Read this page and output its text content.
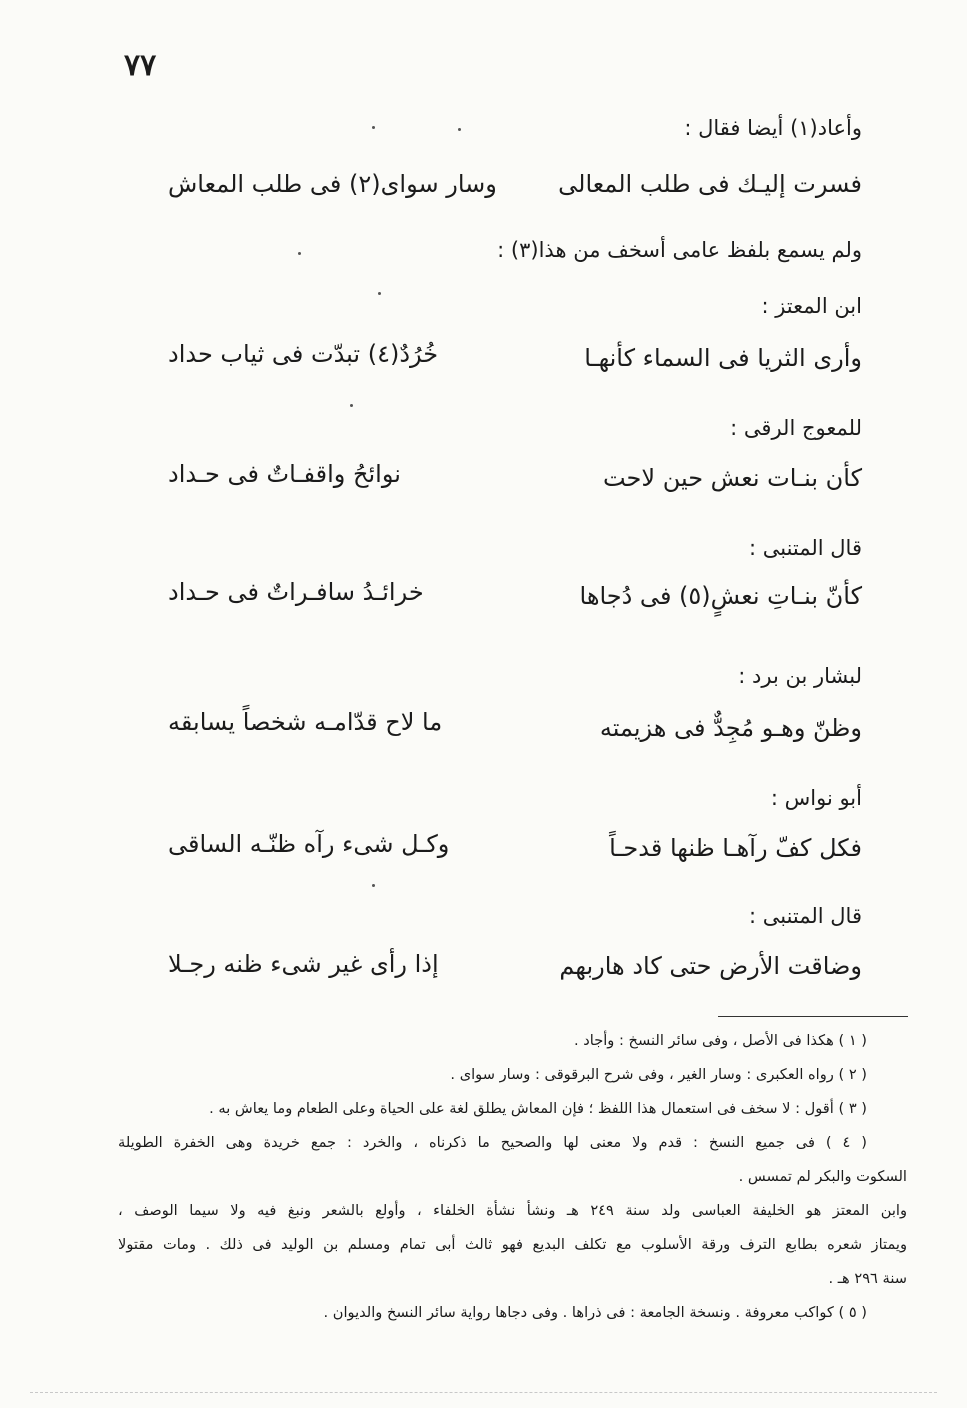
٧٧
وأعاد(١) أيضا فقال :
فسرت إليـك فى طلب المعالى
وسار سواى(٢) فى طلب المعاش
ولم يسمع بلفظ عامى أسخف من هذا(٣) :
ابن المعتز :
وأرى الثريا فى السماء كأنهـا
خُرُدٌ(٤) تبدّت فى ثياب حداد
للمعوج الرقى :
كأن بنـات نعش حين لاحت
نوائحُ واقفـاتٌ فى حـداد
قال المتنبى :
كأنّ بنـاتِ نعشٍ(٥) فى دُجاها
خرائـدُ سافـراتٌ فى حـداد
لبشار بن برد :
وظنّ وهـو مُجِدٌّ فى هزيمته
ما لاح قدّامـه شخصاً يسابقه
أبو نواس :
فكل كفّ رآهـا ظنها قدحـاً
وكـل شىء رآه ظنّـه الساقى
قال المتنبى :
وضاقت الأرض حتى كاد هاربهم
إذا رأى غير شىء ظنه رجـلا
( ١ ) هكذا فى الأصل ، وفى سائر النسخ : وأجاد .
( ٢ ) رواه العكبرى : وسار الغير ، وفى شرح البرقوقى : وسار سواى .
( ٣ ) أقول : لا سخف فى استعمال هذا اللفظ ؛ فإن المعاش يطلق لغة على الحياة وعلى الطعام وما يعاش به .
( ٤ ) فى جميع النسخ : قدم ولا معنى لها والصحيح ما ذكرناه ، والخرد : جمع خريدة وهى الخفرة الطويلة
السكوت والبكر لم تمسس .
وابن المعتز هو الخليفة العباسى ولد سنة ٢٤٩ هـ ونشأ نشأة الخلفاء ، وأولع بالشعر ونبغ فيه ولا سيما الوصف ،
ويمتاز شعره بطابع الترف ورقة الأسلوب مع تكلف البديع فهو ثالث أبى تمام ومسلم بن الوليد فى ذلك . ومات مقتولا
سنة ٢٩٦ هـ .
( ٥ ) كواكب معروفة . ونسخة الجامعة : فى ذراها . وفى دجاها رواية سائر النسخ والديوان .
